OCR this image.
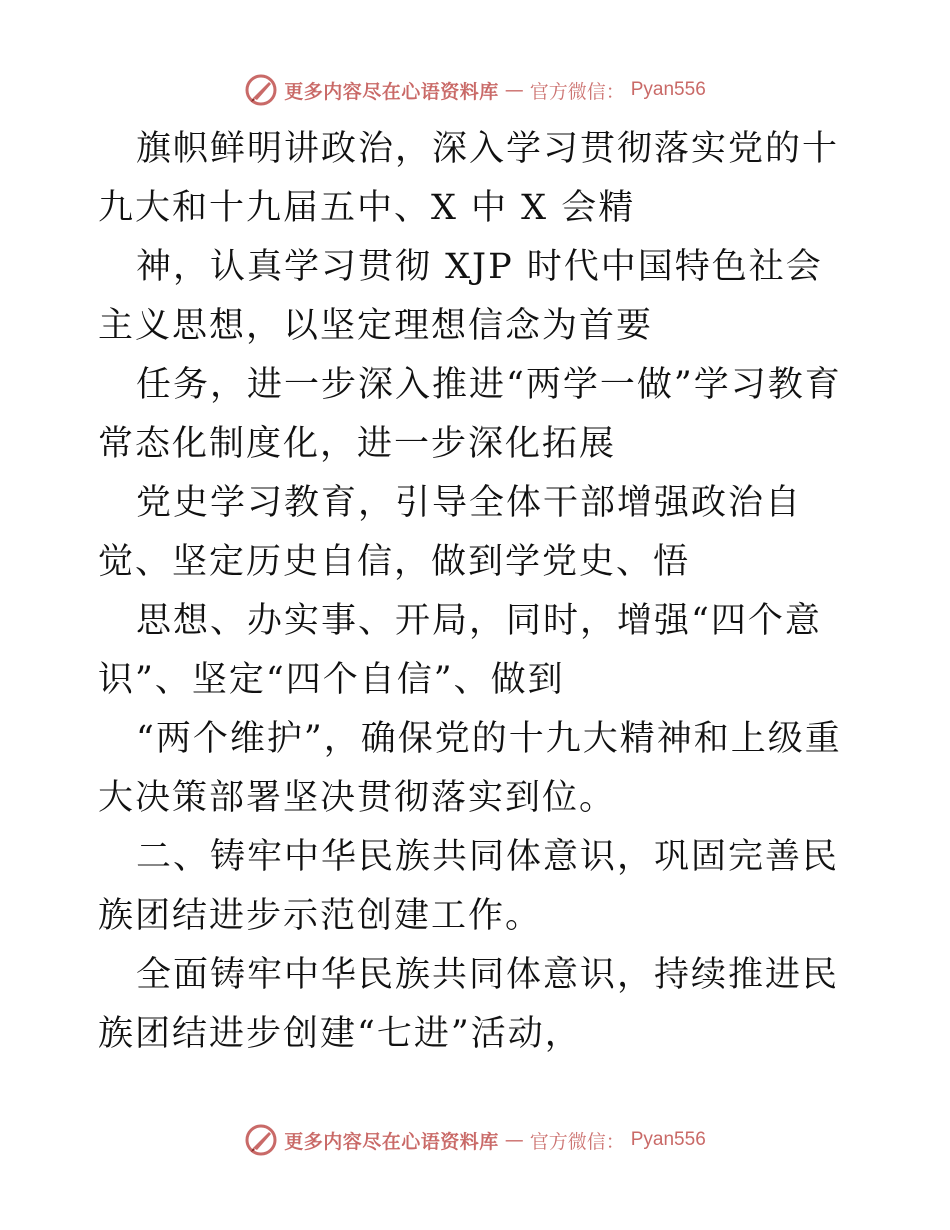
更多内容尽在心语资料库 — 官方微信： Pyan556

旗帜鲜明讲政治，深入学习贯彻落实党的十九大和十九届五中、X 中 X 会精

神，认真学习贯彻 XJP 时代中国特色社会主义思想，以坚定理想信念为首要

任务，进一步深入推进“两学一做”学习教育常态化制度化，进一步深化拓展

党史学习教育，引导全体干部增强政治自觉、坚定历史自信，做到学党史、悟

思想、办实事、开局，同时，增强“四个意识”、坚定“四个自信”、做到

“两个维护”，确保党的十九大精神和上级重大决策部署坚决贯彻落实到位。

二、铸牢中华民族共同体意识，巩固完善民族团结进步示范创建工作。

全面铸牢中华民族共同体意识，持续推进民族团结进步创建“七进”活动，

更多内容尽在心语资料库 — 官方微信： Pyan556
